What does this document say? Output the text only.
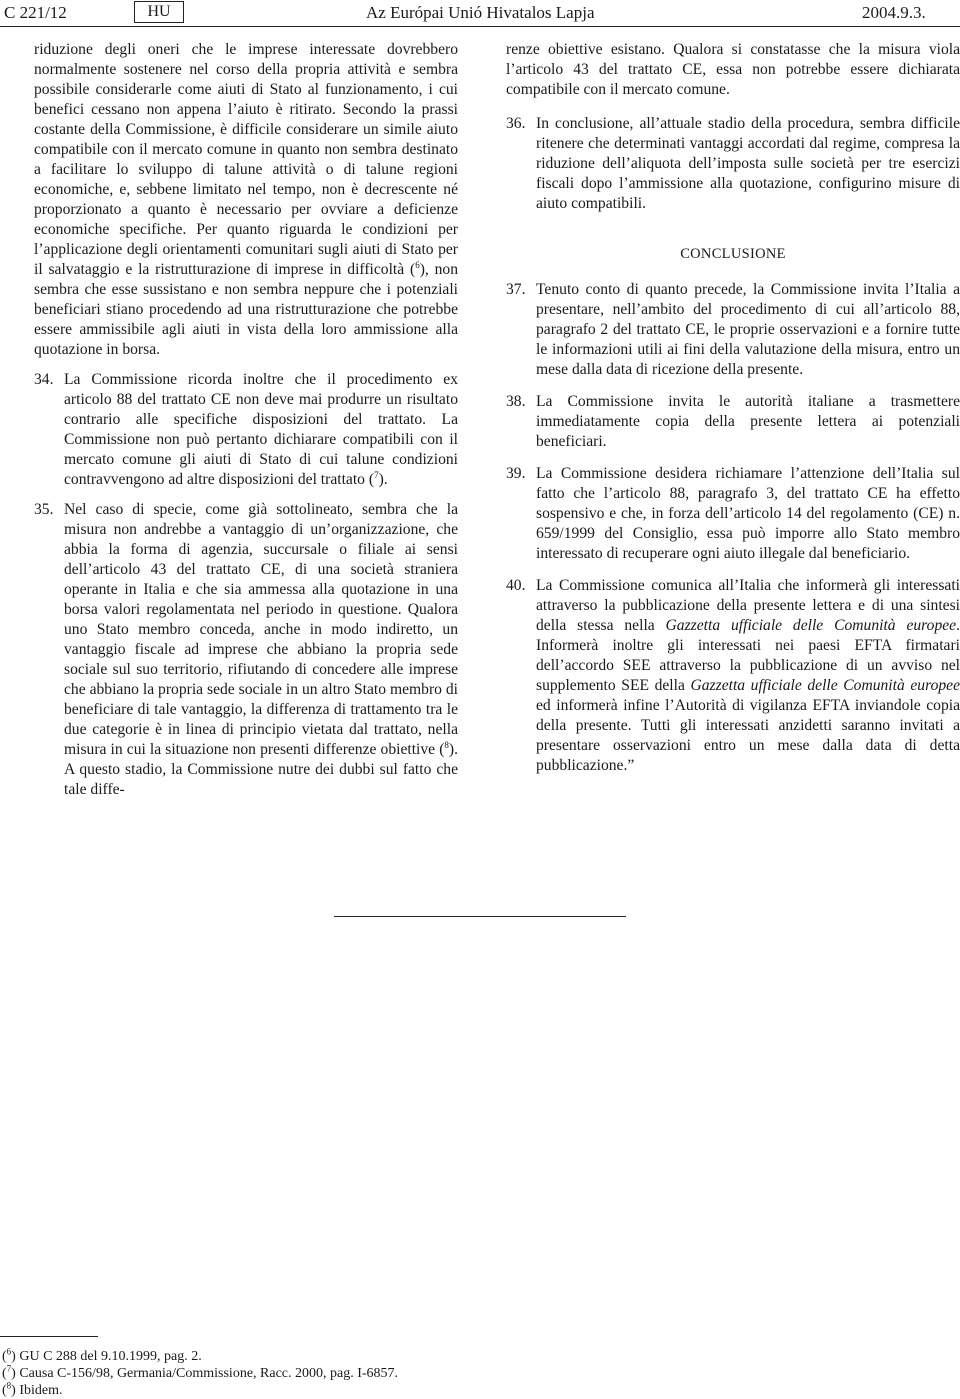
C 221/12	HU	Az Európai Unió Hivatalos Lapja	2004.9.3.

riduzione degli oneri che le imprese interessate dovrebbero normalmente sostenere nel corso della propria attività e sembra possibile considerarle come aiuti di Stato al funzionamento, i cui benefici cessano non appena l’aiuto è ritirato. Secondo la prassi costante della Commissione, è difficile considerare un simile aiuto compatibile con il mercato comune in quanto non sembra destinato a facilitare lo sviluppo di talune attività o di talune regioni economiche, e, sebbene limitato nel tempo, non è decrescente né proporzionato a quanto è necessario per ovviare a deficienze economiche specifiche. Per quanto riguarda le condizioni per l’applicazione degli orientamenti comunitari sugli aiuti di Stato per il salvataggio e la ristrutturazione di imprese in difficoltà ($^6$), non sembra che esse sussistano e non sembra neppure che i potenziali beneficiari stiano procedendo ad una ristrutturazione che potrebbe essere ammissibile agli aiuti in vista della loro ammissione alla quotazione in borsa.

34. La Commissione ricorda inoltre che il procedimento ex articolo 88 del trattato CE non deve mai produrre un risultato contrario alle specifiche disposizioni del trattato. La Commissione non può pertanto dichiarare compatibili con il mercato comune gli aiuti di Stato di cui talune condizioni contravvengono ad altre disposizioni del trattato ($^7$).

35. Nel caso di specie, come già sottolineato, sembra che la misura non andrebbe a vantaggio di un’organizzazione, che abbia la forma di agenzia, succursale o filiale ai sensi dell’articolo 43 del trattato CE, di una società straniera operante in Italia e che sia ammessa alla quotazione in una borsa valori regolamentata nel periodo in questione. Qualora uno Stato membro conceda, anche in modo indiretto, un vantaggio fiscale ad imprese che abbiano la propria sede sociale sul suo territorio, rifiutando di concedere alle imprese che abbiano la propria sede sociale in un altro Stato membro di beneficiare di tale vantaggio, la differenza di trattamento tra le due categorie è in linea di principio vietata dal trattato, nella misura in cui la situazione non presenti differenze obiettive ($^8$). A questo stadio, la Commissione nutre dei dubbi sul fatto che tale diffe-

renze obiettive esistano. Qualora si constatasse che la misura viola l’articolo 43 del trattato CE, essa non potrebbe essere dichiarata compatibile con il mercato comune.

36. In conclusione, all’attuale stadio della procedura, sembra difficile ritenere che determinati vantaggi accordati dal regime, compresa la riduzione dell’aliquota dell’imposta sulle società per tre esercizi fiscali dopo l’ammissione alla quotazione, configurino misure di aiuto compatibili.

CONCLUSIONE

37. Tenuto conto di quanto precede, la Commissione invita l’Italia a presentare, nell’ambito del procedimento di cui all’articolo 88, paragrafo 2 del trattato CE, le proprie osservazioni e a fornire tutte le informazioni utili ai fini della valutazione della misura, entro un mese dalla data di ricezione della presente.

38. La Commissione invita le autorità italiane a trasmettere immediatamente copia della presente lettera ai potenziali beneficiari.

39. La Commissione desidera richiamare l’attenzione dell’Italia sul fatto che l’articolo 88, paragrafo 3, del trattato CE ha effetto sospensivo e che, in forza dell’articolo 14 del regolamento (CE) n. 659/1999 del Consiglio, essa può imporre allo Stato membro interessato di recuperare ogni aiuto illegale dal beneficiario.

40. La Commissione comunica all’Italia che informerà gli interessati attraverso la pubblicazione della presente lettera e di una sintesi della stessa nella Gazzetta ufficiale delle Comunità europee. Informerà inoltre gli interessati nei paesi EFTA firmatari dell’accordo SEE attraverso la pubblicazione di un avviso nel supplemento SEE della Gazzetta ufficiale delle Comunità europee ed informerà infine l’Autorità di vigilanza EFTA inviandole copia della presente. Tutti gli interessati anzidetti saranno invitati a presentare osservazioni entro un mese dalla data di detta pubblicazione.”

($^6$) GU C 288 del 9.10.1999, pag. 2.
($^7$) Causa C-156/98, Germania/Commissione, Racc. 2000, pag. I-6857.
($^8$) Ibidem.
